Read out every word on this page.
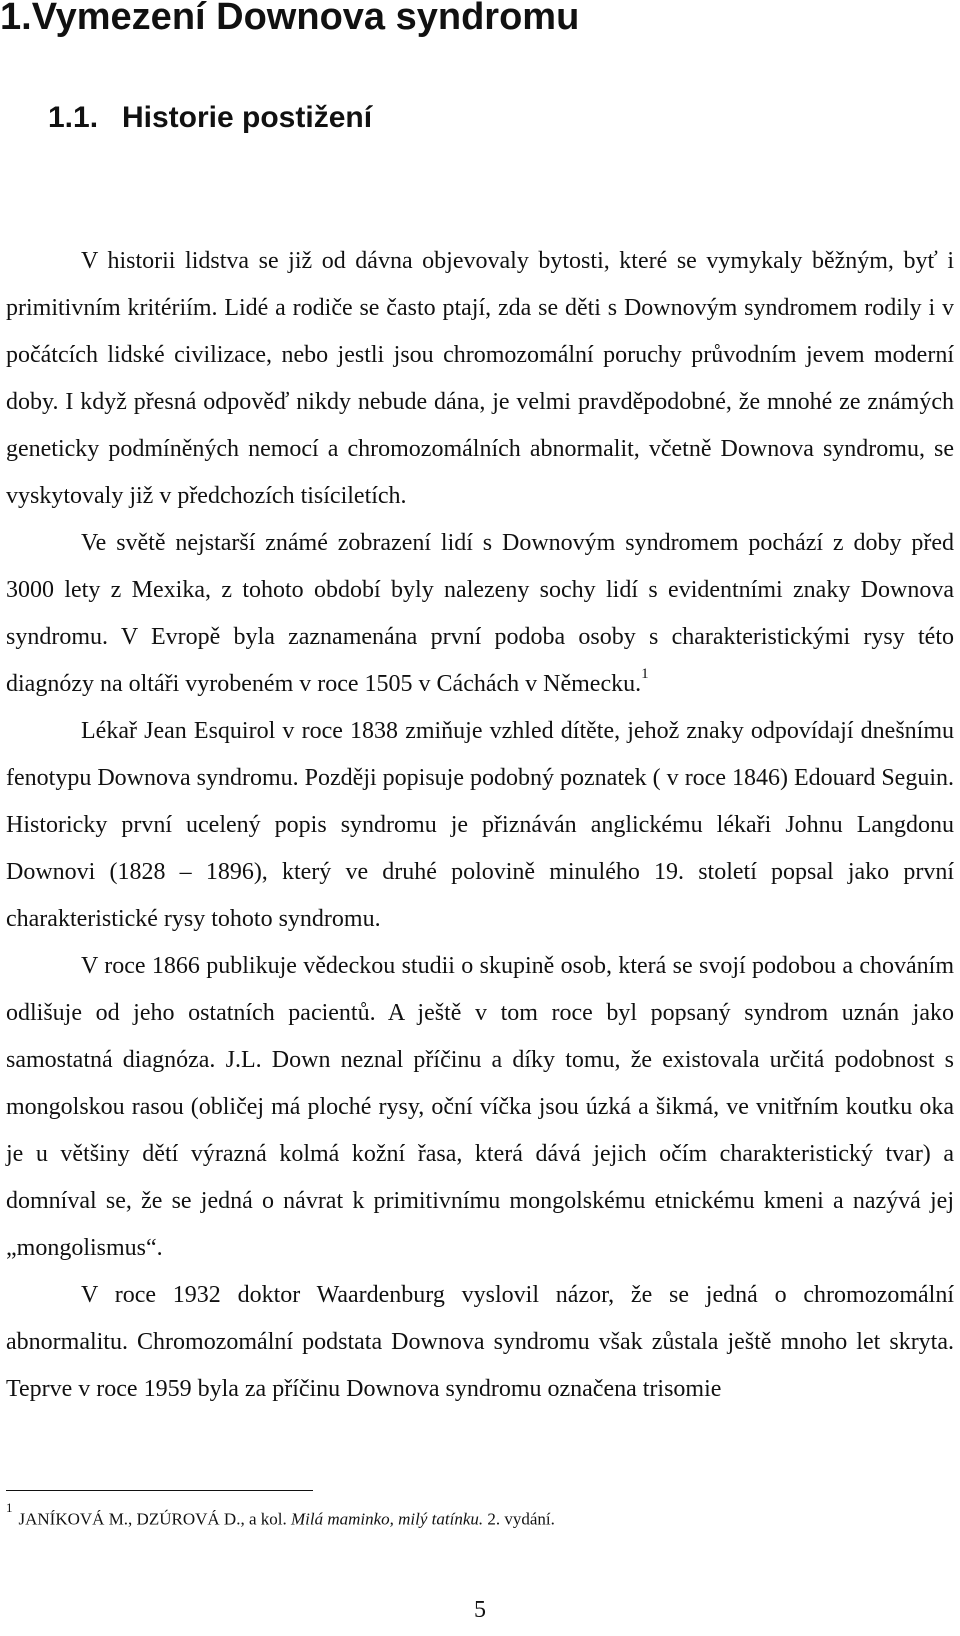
1.Vymezení Downova syndromu
1.1. Historie postižení

V historii lidstva se již od dávna objevovaly bytosti, které se vymykaly běžným, byť i primitivním kritériím. Lidé a rodiče se často ptají, zda se děti s Downovým syndromem rodily i v počátcích lidské civilizace, nebo jestli jsou chromozomální poruchy průvodním jevem moderní doby. I když přesná odpověď nikdy nebude dána, je velmi pravděpodobné, že mnohé ze známých geneticky podmíněných nemocí a chromozomálních abnormalit, včetně Downova syndromu, se vyskytovaly již v předchozích tisíciletích.

Ve světě nejstarší známé zobrazení lidí s Downovým syndromem pochází z doby před 3000 lety z Mexika, z tohoto období byly nalezeny sochy lidí s evidentními znaky Downova syndromu. V Evropě byla zaznamenána první podoba osoby s charakteristickými rysy této diagnózy na oltáři vyrobeném v roce 1505 v Cáchách v Německu.$^1$

Lékař Jean Esquirol v roce 1838 zmiňuje vzhled dítěte, jehož znaky odpovídají dnešnímu fenotypu Downova syndromu. Později popisuje podobný poznatek ( v roce 1846) Edouard Seguin. Historicky první ucelený popis syndromu je přiznáván anglickému lékaři Johnu Langdonu Downovi (1828 – 1896), který ve druhé polovině minulého 19. století popsal jako první charakteristické rysy tohoto syndromu.

V roce 1866 publikuje vědeckou studii o skupině osob, která se svojí podobou a chováním odlišuje od jeho ostatních pacientů. A ještě v tom roce byl popsaný syndrom uznán jako samostatná diagnóza. J.L. Down neznal příčinu a díky tomu, že existovala určitá podobnost s mongolskou rasou (obličej má ploché rysy, oční víčka jsou úzká a šikmá, ve vnitřním koutku oka je u většiny dětí výrazná kolmá kožní řasa, která dává jejich očím charakteristický tvar) a domníval se, že se jedná o návrat k primitivnímu mongolskému etnickému kmeni a nazývá jej „mongolismus“.

V roce 1932 doktor Waardenburg vyslovil názor, že se jedná o chromozomální abnormalitu. Chromozomální podstata Downova syndromu však zůstala ještě mnoho let skryta. Teprve v roce 1959 byla za příčinu Downova syndromu označena trisomie

$^1$JANÍKOVÁ M., DZÚROVÁ D., a kol. Milá maminko, milý tatínku. 2. vydání.
5
